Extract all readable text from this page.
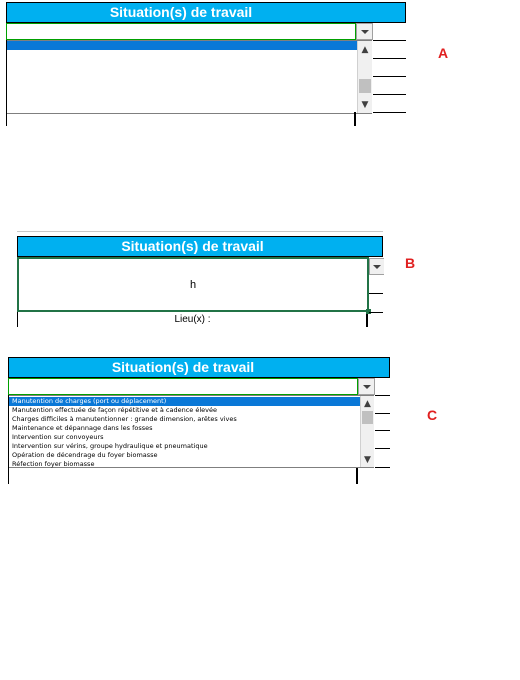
Situation(s) de travail
▲
▼
A
Situation(s) de travail
h
Lieu(x) :
B
Situation(s) de travail
Manutention de charges (port ou déplacement)
Manutention effectuée de façon répétitive et à cadence élevée
Charges difficiles à manutentionner : grande dimension, arêtes vives
Maintenance et dépannage dans les fosses
Intervention sur convoyeurs
Intervention sur vérins, groupe hydraulique et pneumatique
Opération de décendrage du foyer biomasse
Réfection foyer biomasse
▲
▼
C
